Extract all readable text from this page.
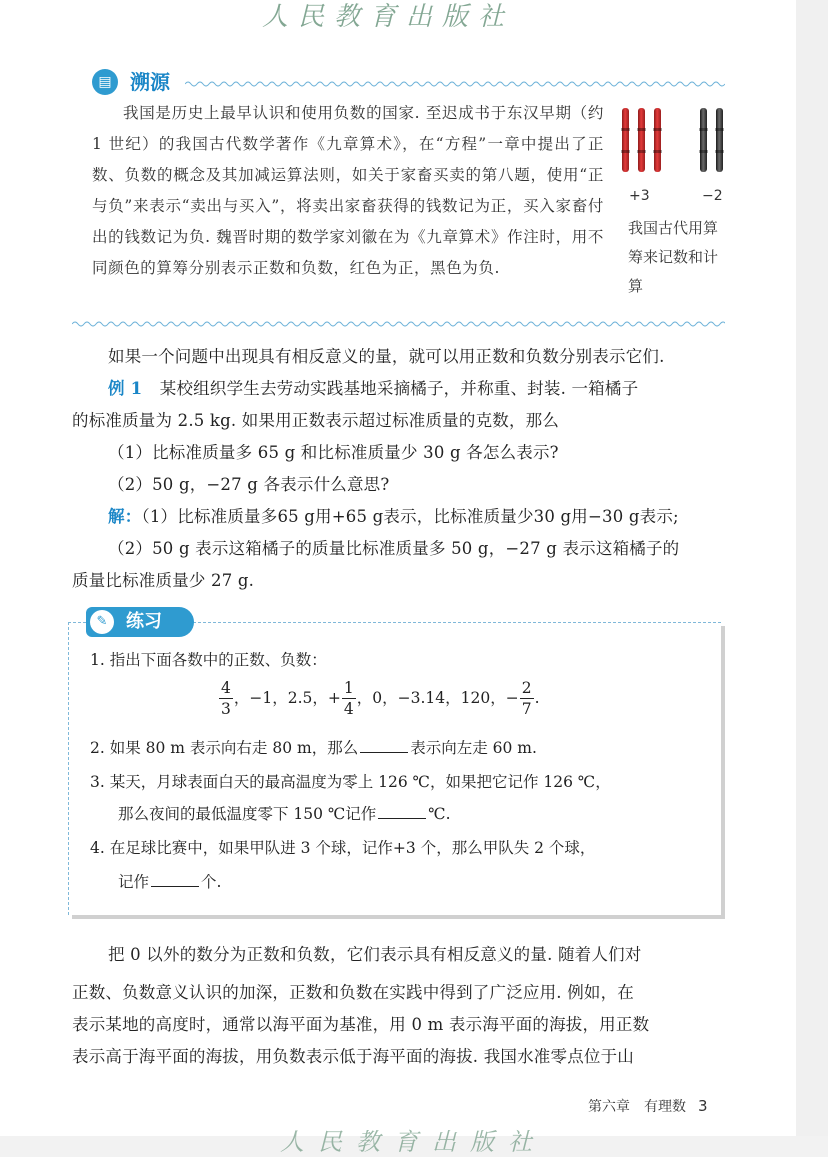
人民教育出版社
▤ 溯源

我国是历史上最早认识和使用负数的国家. 至迟成书于东汉早期（约 1 世纪）的我国古代数学著作《九章算术》，在“方程”一章中提出了正数、负数的概念及其加减运算法则，如关于家畜买卖的第八题，使用“正与负”来表示“卖出与买入”，将卖出家畜获得的钱数记为正，买入家畜付出的钱数记为负. 魏晋时期的数学家刘徽在为《九章算术》作注时，用不同颜色的算筹分别表示正数和负数，红色为正，黑色为负.

+3	−2
我国古代用算筹来记数和计算
如果一个问题中出现具有相反意义的量，就可以用正数和负数分别表示它们.
例 1 某校组织学生去劳动实践基地采摘橘子，并称重、封装. 一箱橘子
的标准质量为 2.5 kg. 如果用正数表示超过标准质量的克数，那么
（1）比标准质量多 65 g 和比标准质量少 30 g 各怎么表示?
（2）50 g，−27 g 各表示什么意思?
解：（1）比标准质量多65 g用+65 g表示，比标准质量少30 g用−30 g表示;
（2）50 g 表示这箱橘子的质量比标准质量多 50 g，−27 g 表示这箱橘子的
质量比标准质量少 27 g.
✎	练习
1. 指出下面各数中的正数、负数：
$\frac{4}{3}$ ，−1，2.5，+ $\frac{1}{4}$ ，0，−3.14，120，− $\frac{2}{7}$ .
2. 如果 80 m 表示向右走 80 m，那么	表示向左走 60 m.
3. 某天，月球表面白天的最高温度为零上 126 ℃，如果把它记作 126 ℃，
那么夜间的最低温度零下 150 ℃记作	℃.
4. 在足球比赛中，如果甲队进 3 个球，记作+3 个，那么甲队失 2 个球，
记作	个.
把 0 以外的数分为正数和负数，它们表示具有相反意义的量. 随着人们对
正数、负数意义认识的加深，正数和负数在实践中得到了广泛应用. 例如，在
表示某地的高度时，通常以海平面为基准，用 0 m 表示海平面的海拔，用正数
表示高于海平面的海拔，用负数表示低于海平面的海拔. 我国水准零点位于山
第六章　有理数 3
人民教育出版社
